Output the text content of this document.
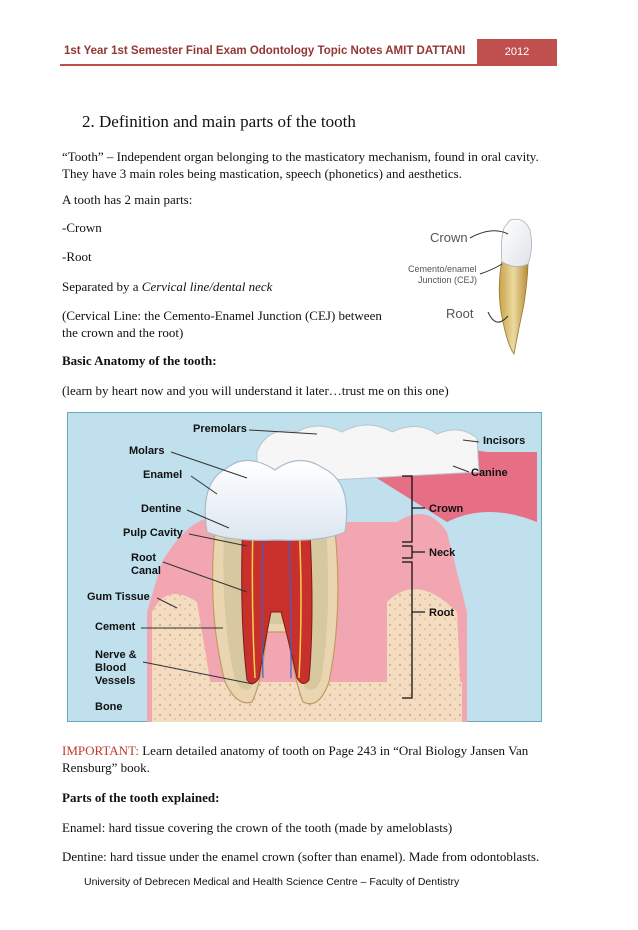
1st Year 1st Semester Final Exam Odontology Topic Notes AMIT DATTANI	2012
2. Definition and main parts of the tooth
“Tooth” – Independent organ belonging to the masticatory mechanism, found in oral cavity.
They have 3 main roles being mastication, speech (phonetics) and aesthetics.
A tooth has 2 main parts:
-Crown
-Root
Separated by a Cervical line/dental neck
(Cervical Line: the Cemento-Enamel Junction (CEJ) between
the crown and the root)
Basic Anatomy of the tooth:
(learn by heart now and you will understand it later…trust me on this one)
Crown
Cemento/enamel
Junction (CEJ)
Root
Premolars
Molars
Enamel
Dentine
Pulp Cavity
Root
Canal
Gum Tissue
Cement
Nerve &
Blood
Vessels
Bone
Incisors
Canine
Crown
Neck
Root
IMPORTANT: Learn detailed anatomy of tooth on Page 243 in “Oral Biology Jansen Van
Rensburg” book.
Parts of the tooth explained:
Enamel: hard tissue covering the crown of the tooth (made by ameloblasts)
Dentine: hard tissue under the enamel crown (softer than enamel). Made from odontoblasts.
University of Debrecen Medical and Health Science Centre – Faculty of Dentistry
